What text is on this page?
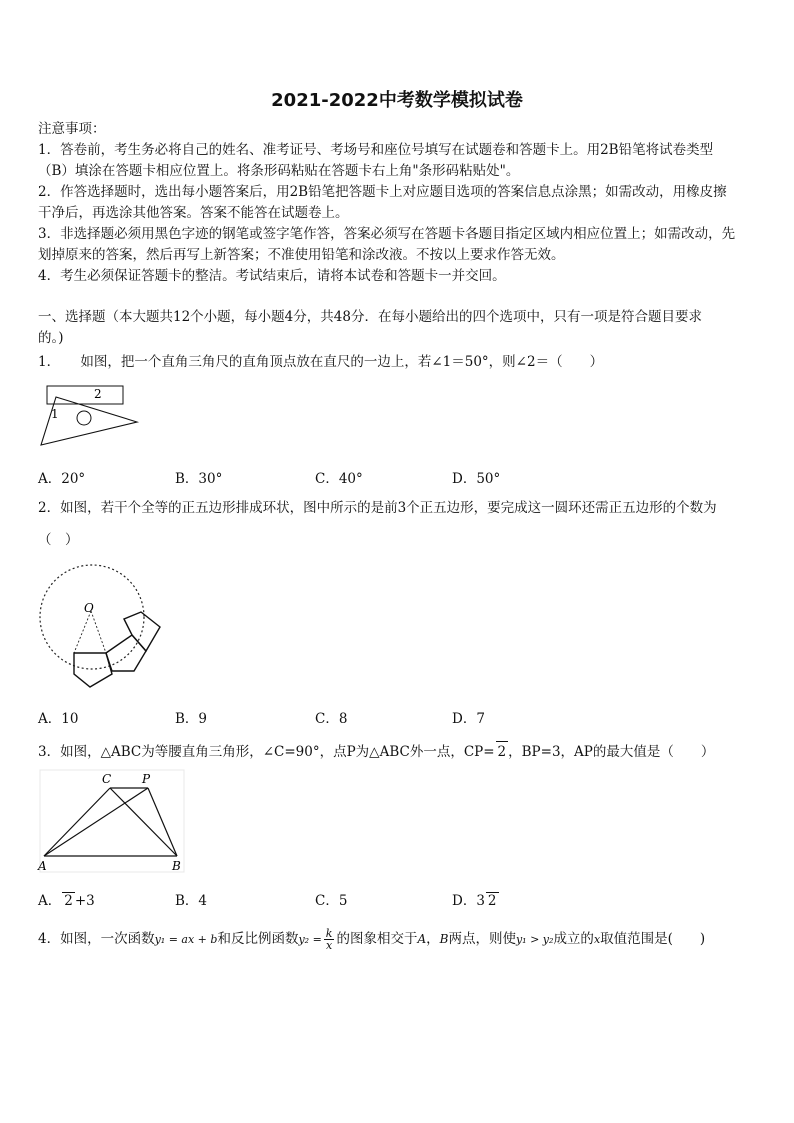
2021-2022中考数学模拟试卷
注意事项：
1．答卷前，考生务必将自己的姓名、准考证号、考场号和座位号填写在试题卷和答题卡上。用2B铅笔将试卷类型
（B）填涂在答题卡相应位置上。将条形码粘贴在答题卡右上角"条形码粘贴处"。
2．作答选择题时，选出每小题答案后，用2B铅笔把答题卡上对应题目选项的答案信息点涂黑；如需改动，用橡皮擦
干净后，再选涂其他答案。答案不能答在试题卷上。
3．非选择题必须用黑色字迹的钢笔或签字笔作答，答案必须写在答题卡各题目指定区域内相应位置上；如需改动，先
划掉原来的答案，然后再写上新答案；不准使用铅笔和涂改液。不按以上要求作答无效。
4．考生必须保证答题卡的整洁。考试结束后，请将本试卷和答题卡一并交回。
一、选择题（本大题共12个小题，每小题4分，共48分．在每小题给出的四个选项中，只有一项是符合题目要求
的。)
1．　　如图，把一个直角三角尺的直角顶点放在直尺的一边上，若∠1＝50°，则∠2＝（　　）
2
1
A．20°	B．30°	C．40°	D．50°
2．如图，若干个全等的正五边形排成环状，图中所示的是前3个正五边形，要完成这一圆环还需正五边形的个数为
（　）
O
A．10	B．9	C．8	D．7
3．如图，△ABC为等腰直角三角形，∠C=90°，点P为△ABC外一点，CP= 2 ，BP=3，AP的最大值是（　　）
C	P
A	B
A． 2 +3	B．4	C．5	D．3 2
4．如图，一次函数y₁ = ax + b和反比例函数$y_2 = \frac{k}{x}$ 的图象相交于A，B两点，则使y₁ > y₂成立的x取值范围是(　　)
